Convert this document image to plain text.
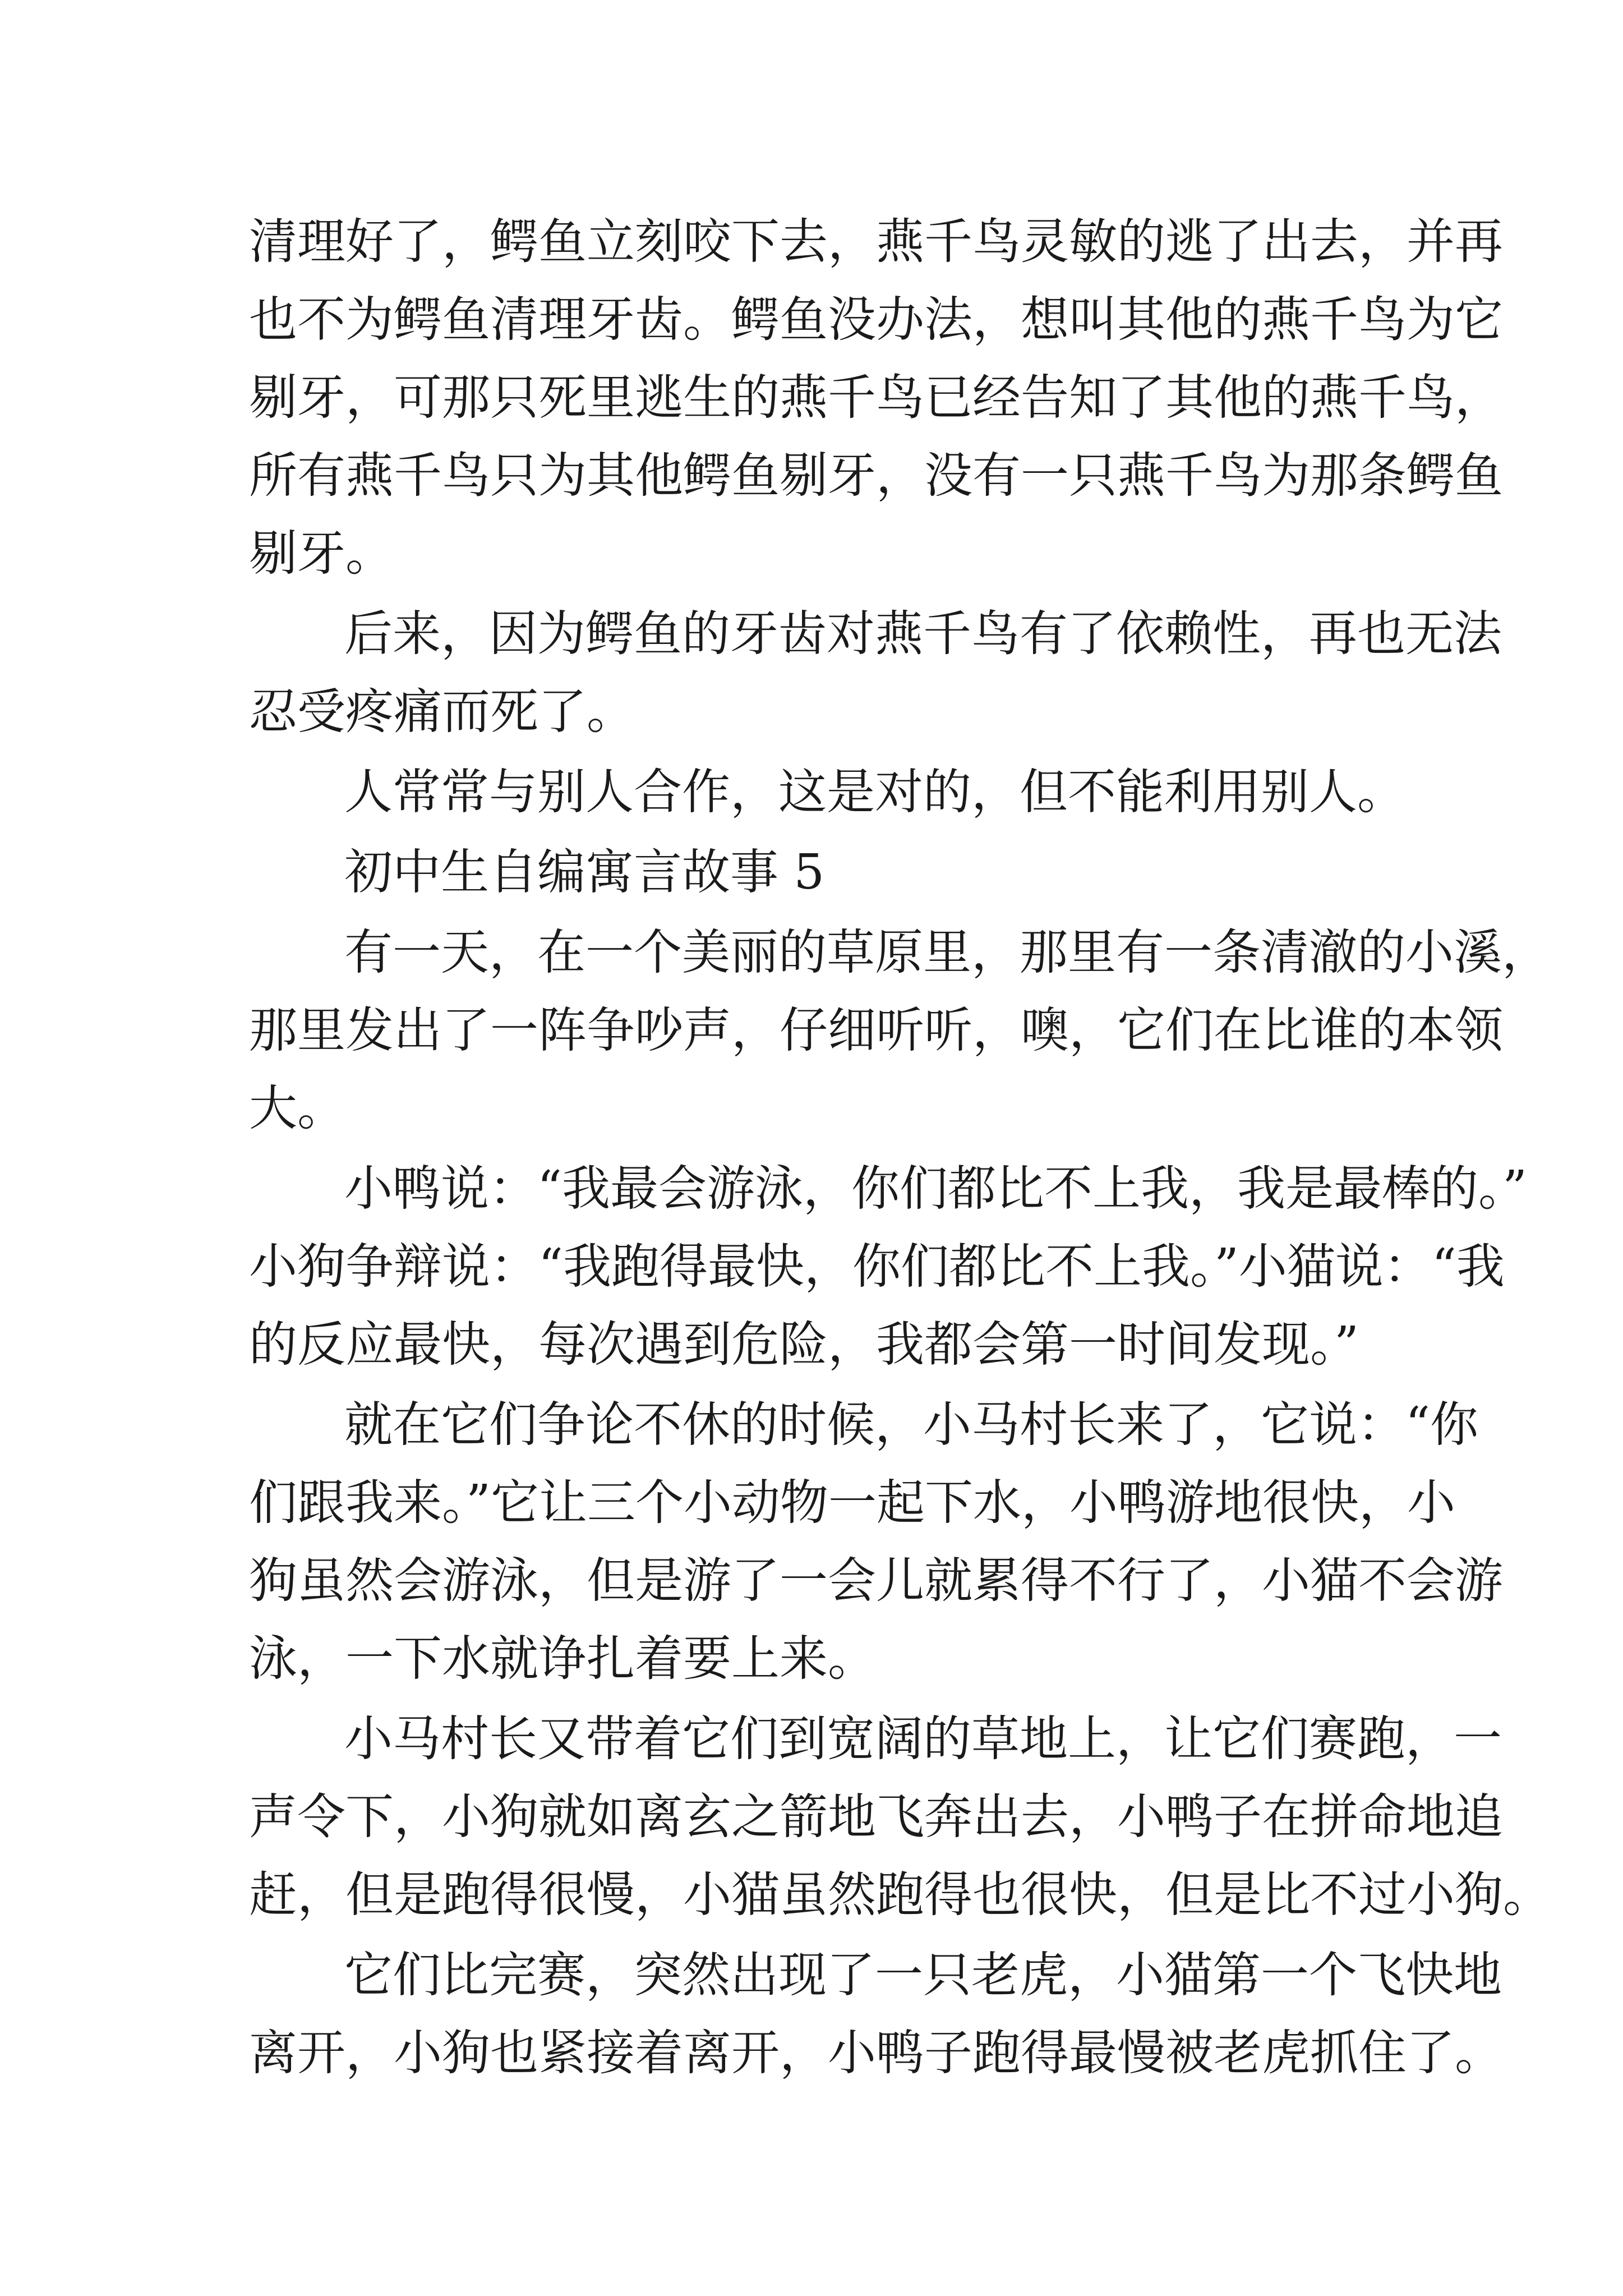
清理好了，鳄鱼立刻咬下去，燕千鸟灵敏的逃了出去，并再
也不为鳄鱼清理牙齿。鳄鱼没办法，想叫其他的燕千鸟为它
剔牙，可那只死里逃生的燕千鸟已经告知了其他的燕千鸟，
所有燕千鸟只为其他鳄鱼剔牙，没有一只燕千鸟为那条鳄鱼
剔牙。
后来，因为鳄鱼的牙齿对燕千鸟有了依赖性，再也无法
忍受疼痛而死了。
人常常与别人合作，这是对的，但不能利用别人。
初中生自编寓言故事 5
有一天，在一个美丽的草原里，那里有一条清澈的小溪，
那里发出了一阵争吵声，仔细听听，噢，它们在比谁的本领
大。
小鸭说：“我最会游泳，你们都比不上我，我是最棒的。”
小狗争辩说：“我跑得最快，你们都比不上我。”小猫说：“我
的反应最快，每次遇到危险，我都会第一时间发现。”
就在它们争论不休的时候，小马村长来了，它说：“你
们跟我来。”它让三个小动物一起下水，小鸭游地很快，小
狗虽然会游泳，但是游了一会儿就累得不行了，小猫不会游
泳，一下水就诤扎着要上来。
小马村长又带着它们到宽阔的草地上，让它们赛跑，一
声令下，小狗就如离玄之箭地飞奔出去，小鸭子在拼命地追
赶，但是跑得很慢，小猫虽然跑得也很快，但是比不过小狗。
它们比完赛，突然出现了一只老虎，小猫第一个飞快地
离开，小狗也紧接着离开，小鸭子跑得最慢被老虎抓住了。
